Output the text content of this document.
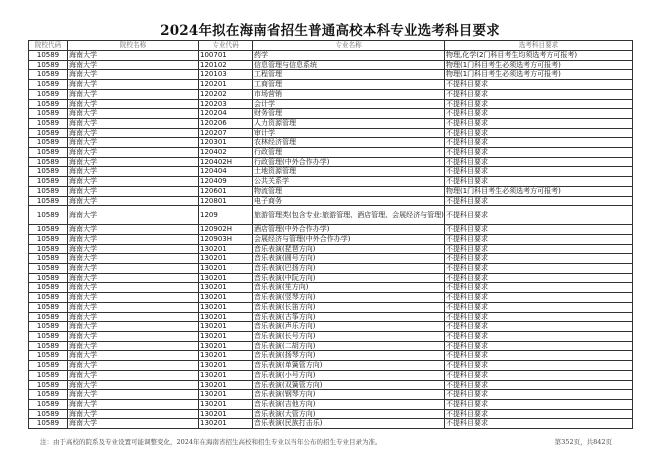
2024年拟在海南省招生普通高校本科专业选考科目要求
院校代码	院校名称	专业代码	专业名称	选考科目要求
10589	海南大学	100701	药学	物理,化学(2门科目考生均须选考方可报考)
10589	海南大学	120102	信息管理与信息系统	物理(1门科目考生必须选考方可报考)
10589	海南大学	120103	工程管理	物理(1门科目考生必须选考方可报考)
10589	海南大学	120201	工商管理	不提科目要求
10589	海南大学	120202	市场营销	不提科目要求
10589	海南大学	120203	会计学	不提科目要求
10589	海南大学	120204	财务管理	不提科目要求
10589	海南大学	120206	人力资源管理	不提科目要求
10589	海南大学	120207	审计学	不提科目要求
10589	海南大学	120301	农林经济管理	不提科目要求
10589	海南大学	120402	行政管理	不提科目要求
10589	海南大学	120402H	行政管理(中外合作办学)	不提科目要求
10589	海南大学	120404	土地资源管理	不提科目要求
10589	海南大学	120409	公共关系学	不提科目要求
10589	海南大学	120601	物流管理	物理(1门科目考生必须选考方可报考)
10589	海南大学	120801	电子商务	不提科目要求
10589	海南大学	1209	旅游管理类(包含专业:旅游管理、酒店管理、会展经济与管理)	不提科目要求
10589	海南大学	120902H	酒店管理(中外合作办学)	不提科目要求
10589	海南大学	120903H	会展经济与管理(中外合作办学)	不提科目要求
10589	海南大学	130201	音乐表演(琵琶方向)	不提科目要求
10589	海南大学	130201	音乐表演(圆号方向)	不提科目要求
10589	海南大学	130201	音乐表演(巴扬方向)	不提科目要求
10589	海南大学	130201	音乐表演(中阮方向)	不提科目要求
10589	海南大学	130201	音乐表演(笙方向)	不提科目要求
10589	海南大学	130201	音乐表演(竖琴方向)	不提科目要求
10589	海南大学	130201	音乐表演(长笛方向)	不提科目要求
10589	海南大学	130201	音乐表演(古筝方向)	不提科目要求
10589	海南大学	130201	音乐表演(声乐方向)	不提科目要求
10589	海南大学	130201	音乐表演(长号方向)	不提科目要求
10589	海南大学	130201	音乐表演(二胡方向)	不提科目要求
10589	海南大学	130201	音乐表演(扬琴方向)	不提科目要求
10589	海南大学	130201	音乐表演(单簧管方向)	不提科目要求
10589	海南大学	130201	音乐表演(小号方向)	不提科目要求
10589	海南大学	130201	音乐表演(双簧管方向)	不提科目要求
10589	海南大学	130201	音乐表演(钢琴方向)	不提科目要求
10589	海南大学	130201	音乐表演(吉他方向)	不提科目要求
10589	海南大学	130201	音乐表演(大管方向)	不提科目要求
10589	海南大学	130201	音乐表演(民族打击乐)	不提科目要求
注：由于高校的院系及专业设置可能调整变化，2024年在海南省招生高校和招生专业以当年公布的招生专业目录为准。	第352页，共842页
